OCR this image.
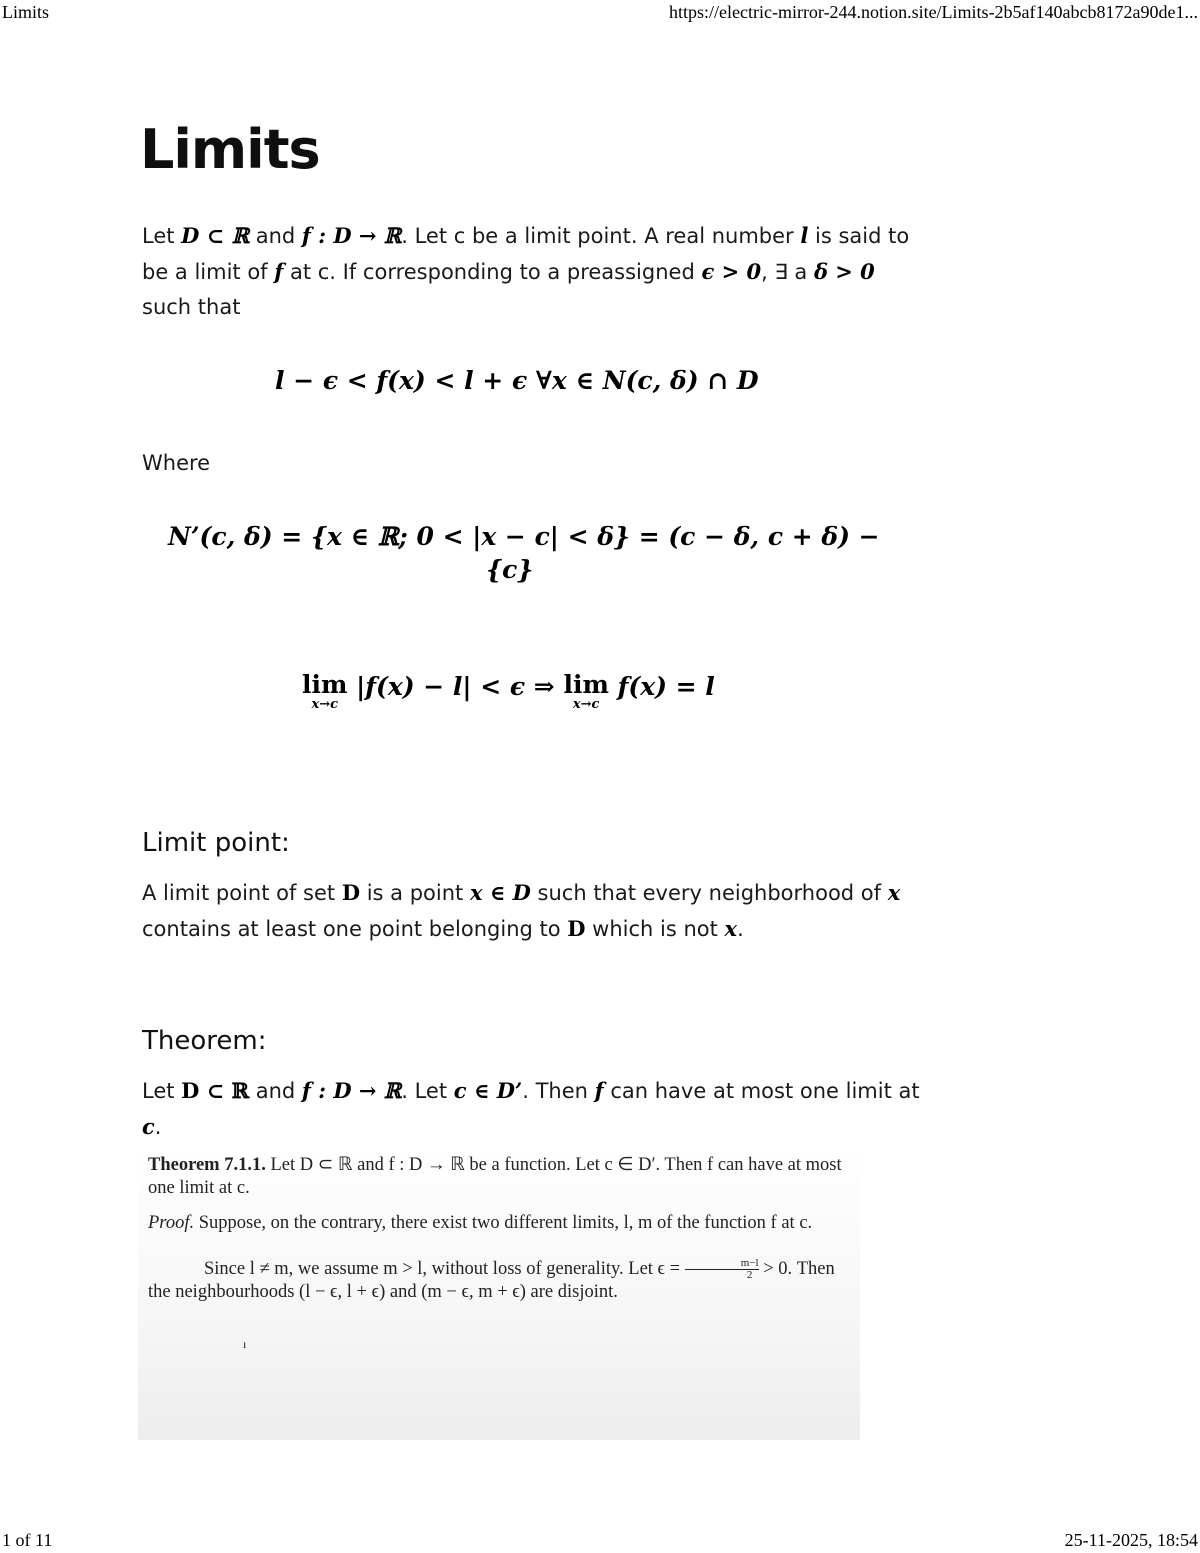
Limits	https://electric-mirror-244.notion.site/Limits-2b5af140abcb8172a90de1...
Limits
Let D ⊂ ℝ and f : D → ℝ. Let c be a limit point. A real number l is said to be a limit of f at c. If corresponding to a preassigned ϵ > 0, ∃ a δ > 0 such that
l − ϵ < f(x) < l + ϵ ∀x ∈ N(c, δ) ∩ D
Where
N’(c, δ) = {x ∈ ℝ; 0 < |x − c| < δ} = (c − δ, c + δ) −
{c}
lim
x→c
|f(x) − l| < ϵ ⇒ lim
x→c
f(x) = l
Limit point:
A limit point of set D is a point x ∈ D such that every neighborhood of x contains at least one point belonging to D which is not x.
Theorem:
Let D ⊂ ℝ and f : D → ℝ. Let c ∈ D’. Then f can have at most one limit at c.

Theorem 7.1.1. Let D ⊂ ℝ and f : D → ℝ be a function. Let c ∈ D′. Then f can have at most one limit at c.

Proof. Suppose, on the contrary, there exist two different limits, l, m of the function f at c.

Since l ≠ m, we assume m > l, without loss of generality. Let $\epsilon = \frac{m-l}{2} > 0$. Then the neighbourhoods (l − ϵ, l + ϵ) and (m − ϵ, m + ϵ) are disjoint.

ı
1 of 11	25-11-2025, 18:54
